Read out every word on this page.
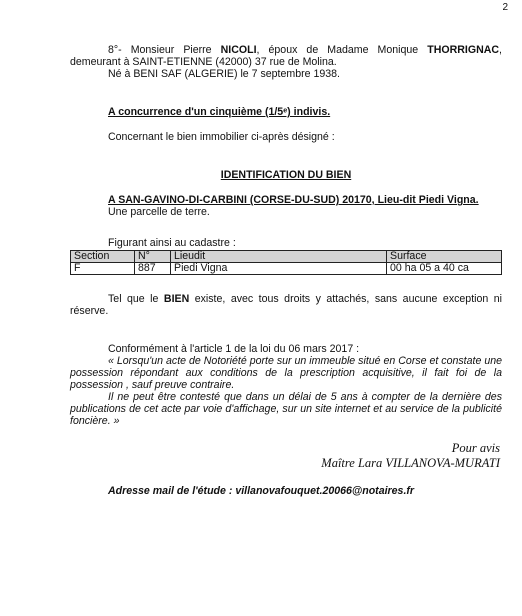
2

8°- Monsieur Pierre NICOLI, époux de Madame Monique THORRIGNAC, demeurant à SAINT-ETIENNE (42000) 37 rue de Molina.

Né à BENI SAF (ALGERIE) le 7 septembre 1938.

A concurrence d'un cinquième (1/5ᵉ) indivis.

Concernant le bien immobilier ci-après désigné :

IDENTIFICATION DU BIEN

A SAN-GAVINO-DI-CARBINI (CORSE-DU-SUD) 20170, Lieu-dit Piedi Vigna.

Une parcelle de terre.

Figurant ainsi au cadastre :

Section	N°	Lieudit	Surface
F	887	Piedi Vigna	00 ha 05 a 40 ca

Tel que le BIEN existe, avec tous droits y attachés, sans aucune exception ni réserve.

Conformément à l'article 1 de la loi du 06 mars 2017 :

« Lorsqu'un acte de Notoriété porte sur un immeuble situé en Corse et constate une possession répondant aux conditions de la prescription acquisitive, il fait foi de la possession , sauf preuve contraire.

Il ne peut être contesté que dans un délai de 5 ans à compter de la dernière des publications de cet acte par voie d'affichage, sur un site internet et au service de la publicité foncière. »

Pour avis
Maître Lara VILLANOVA-MURATI

Adresse mail de l'étude : villanovafouquet.20066@notaires.fr
